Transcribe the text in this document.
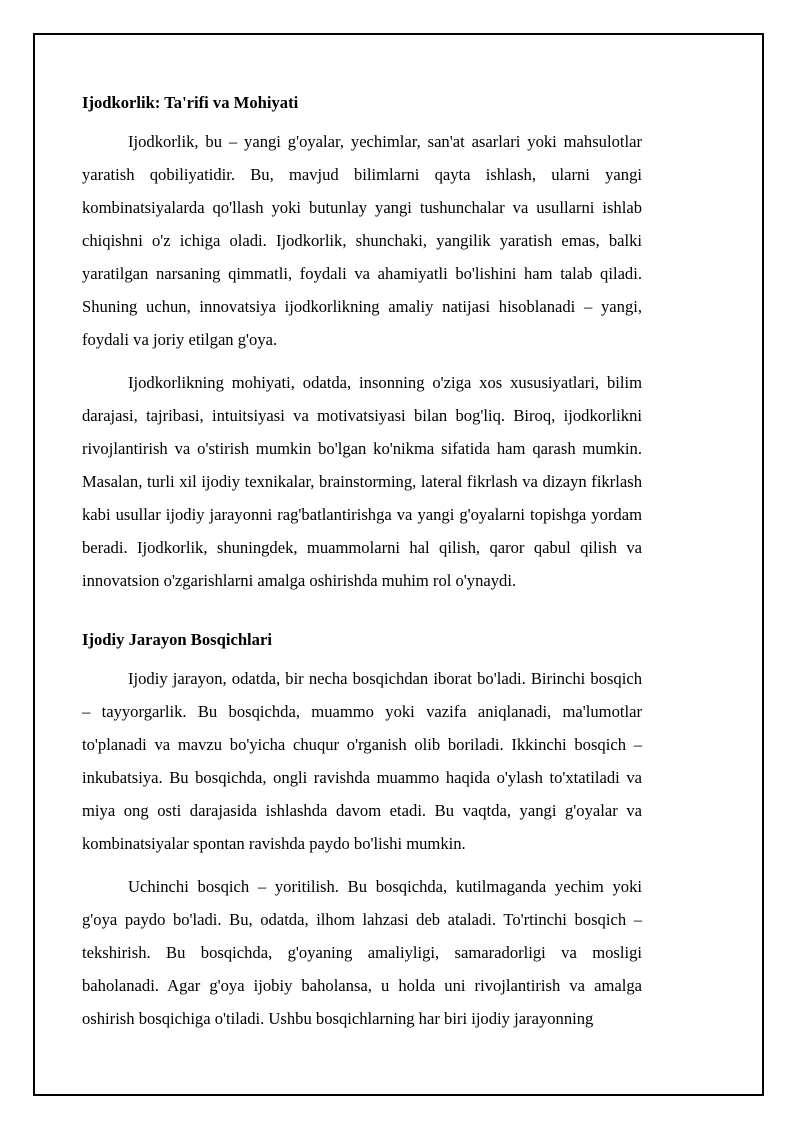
Ijodkorlik: Ta'rifi va Mohiyati

Ijodkorlik, bu – yangi g'oyalar, yechimlar, san'at asarlari yoki mahsulotlar yaratish qobiliyatidir. Bu, mavjud bilimlarni qayta ishlash, ularni yangi kombinatsiyalarda qo'llash yoki butunlay yangi tushunchalar va usullarni ishlab chiqishni o'z ichiga oladi. Ijodkorlik, shunchaki, yangilik yaratish emas, balki yaratilgan narsaning qimmatli, foydali va ahamiyatli bo'lishini ham talab qiladi. Shuning uchun, innovatsiya ijodkorlikning amaliy natijasi hisoblanadi – yangi, foydali va joriy etilgan g'oya.

Ijodkorlikning mohiyati, odatda, insonning o'ziga xos xususiyatlari, bilim darajasi, tajribasi, intuitsiyasi va motivatsiyasi bilan bog'liq. Biroq, ijodkorlikni rivojlantirish va o'stirish mumkin bo'lgan ko'nikma sifatida ham qarash mumkin. Masalan, turli xil ijodiy texnikalar, brainstorming, lateral fikrlash va dizayn fikrlash kabi usullar ijodiy jarayonni rag'batlantirishga va yangi g'oyalarni topishga yordam beradi. Ijodkorlik, shuningdek, muammolarni hal qilish, qaror qabul qilish va innovatsion o'zgarishlarni amalga oshirishda muhim rol o'ynaydi.

Ijodiy Jarayon Bosqichlari

Ijodiy jarayon, odatda, bir necha bosqichdan iborat bo'ladi. Birinchi bosqich – tayyorgarlik. Bu bosqichda, muammo yoki vazifa aniqlanadi, ma'lumotlar to'planadi va mavzu bo'yicha chuqur o'rganish olib boriladi. Ikkinchi bosqich – inkubatsiya. Bu bosqichda, ongli ravishda muammo haqida o'ylash to'xtatiladi va miya ong osti darajasida ishlashda davom etadi. Bu vaqtda, yangi g'oyalar va kombinatsiyalar spontan ravishda paydo bo'lishi mumkin.

Uchinchi bosqich – yoritilish. Bu bosqichda, kutilmaganda yechim yoki g'oya paydo bo'ladi. Bu, odatda, ilhom lahzasi deb ataladi. To'rtinchi bosqich – tekshirish. Bu bosqichda, g'oyaning amaliyligi, samaradorligi va mosligi baholanadi. Agar g'oya ijobiy baholansa, u holda uni rivojlantirish va amalga oshirish bosqichiga o'tiladi. Ushbu bosqichlarning har biri ijodiy jarayonning
